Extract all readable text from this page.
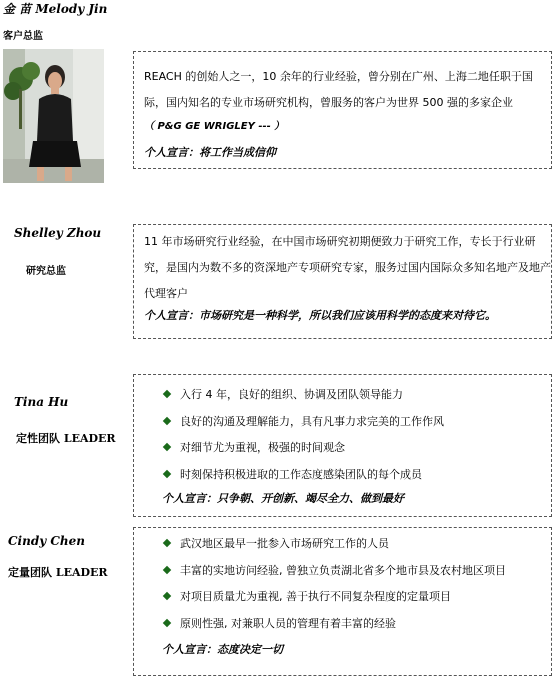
金 苗 Melody Jin
客户总监

REACH 的创始人之一，10 余年的行业经验，曾分别在广州、上海二地任职于国际，国内知名的专业市场研究机构，曾服务的客户为世界 500 强的多家企业

（ P&G GE WRIGLEY --- ）
个人宣言：将工作当成信仰
Shelley Zhou
研究总监

11 年市场研究行业经验，在中国市场研究初期便致力于研究工作，专长于行业研究，是国内为数不多的资深地产专项研究专家，服务过国内国际众多知名地产及地产代理客户

个人宣言：市场研究是一种科学，所以我们应该用科学的态度来对待它。
Tina Hu
定性团队 LEADER
入行 4 年，良好的组织、协调及团队领导能力
良好的沟通及理解能力，具有凡事力求完美的工作作风
对细节尤为重视，极强的时间观念
时刻保持积极进取的工作态度感染团队的每个成员
个人宣言：只争朝、开创新、竭尽全力、做到最好
Cindy Chen
定量团队 LEADER
武汉地区最早一批参入市场研究工作的人员
丰富的实地访问经验, 曾独立负责湖北省多个地市县及农村地区项目
对项目质量尤为重视, 善于执行不同复杂程度的定量项目
原则性强, 对兼职人员的管理有着丰富的经验
个人宣言：态度决定一切
